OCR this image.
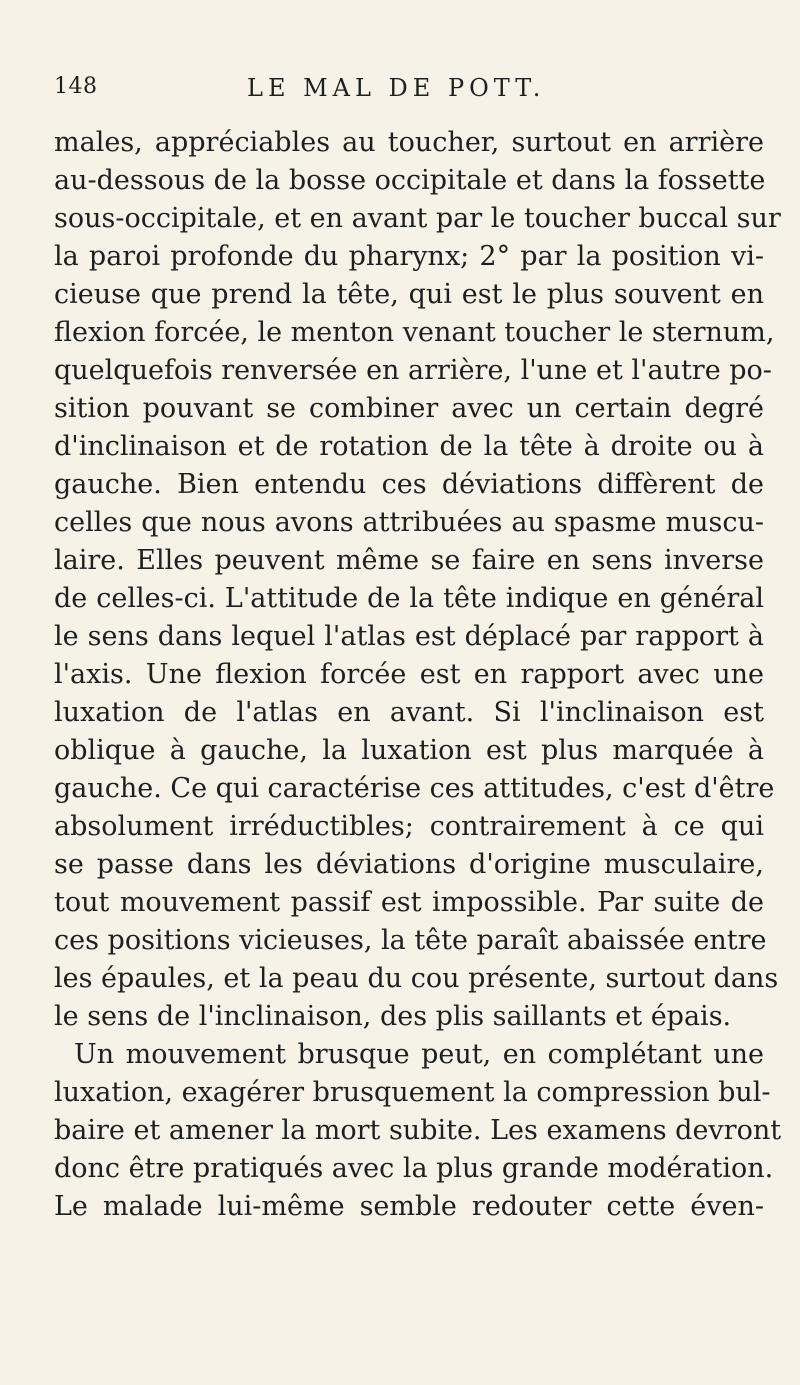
148	LE MAL DE POTT.
males, appréciables au toucher, surtout en arrière
au-dessous de la bosse occipitale et dans la fossette
sous-occipitale, et en avant par le toucher buccal sur
la paroi profonde du pharynx; 2° par la position vi-
cieuse que prend la tête, qui est le plus souvent en
flexion forcée, le menton venant toucher le sternum,
quelquefois renversée en arrière, l'une et l'autre po-
sition pouvant se combiner avec un certain degré
d'inclinaison et de rotation de la tête à droite ou à
gauche. Bien entendu ces déviations diffèrent de
celles que nous avons attribuées au spasme muscu-
laire. Elles peuvent même se faire en sens inverse
de celles-ci. L'attitude de la tête indique en général
le sens dans lequel l'atlas est déplacé par rapport à
l'axis. Une flexion forcée est en rapport avec une
luxation de l'atlas en avant. Si l'inclinaison est
oblique à gauche, la luxation est plus marquée à
gauche. Ce qui caractérise ces attitudes, c'est d'être
absolument irréductibles; contrairement à ce qui
se passe dans les déviations d'origine musculaire,
tout mouvement passif est impossible. Par suite de
ces positions vicieuses, la tête paraît abaissée entre
les épaules, et la peau du cou présente, surtout dans
le sens de l'inclinaison, des plis saillants et épais.
Un mouvement brusque peut, en complétant une
luxation, exagérer brusquement la compression bul-
baire et amener la mort subite. Les examens devront
donc être pratiqués avec la plus grande modération.
Le malade lui-même semble redouter cette éven-
